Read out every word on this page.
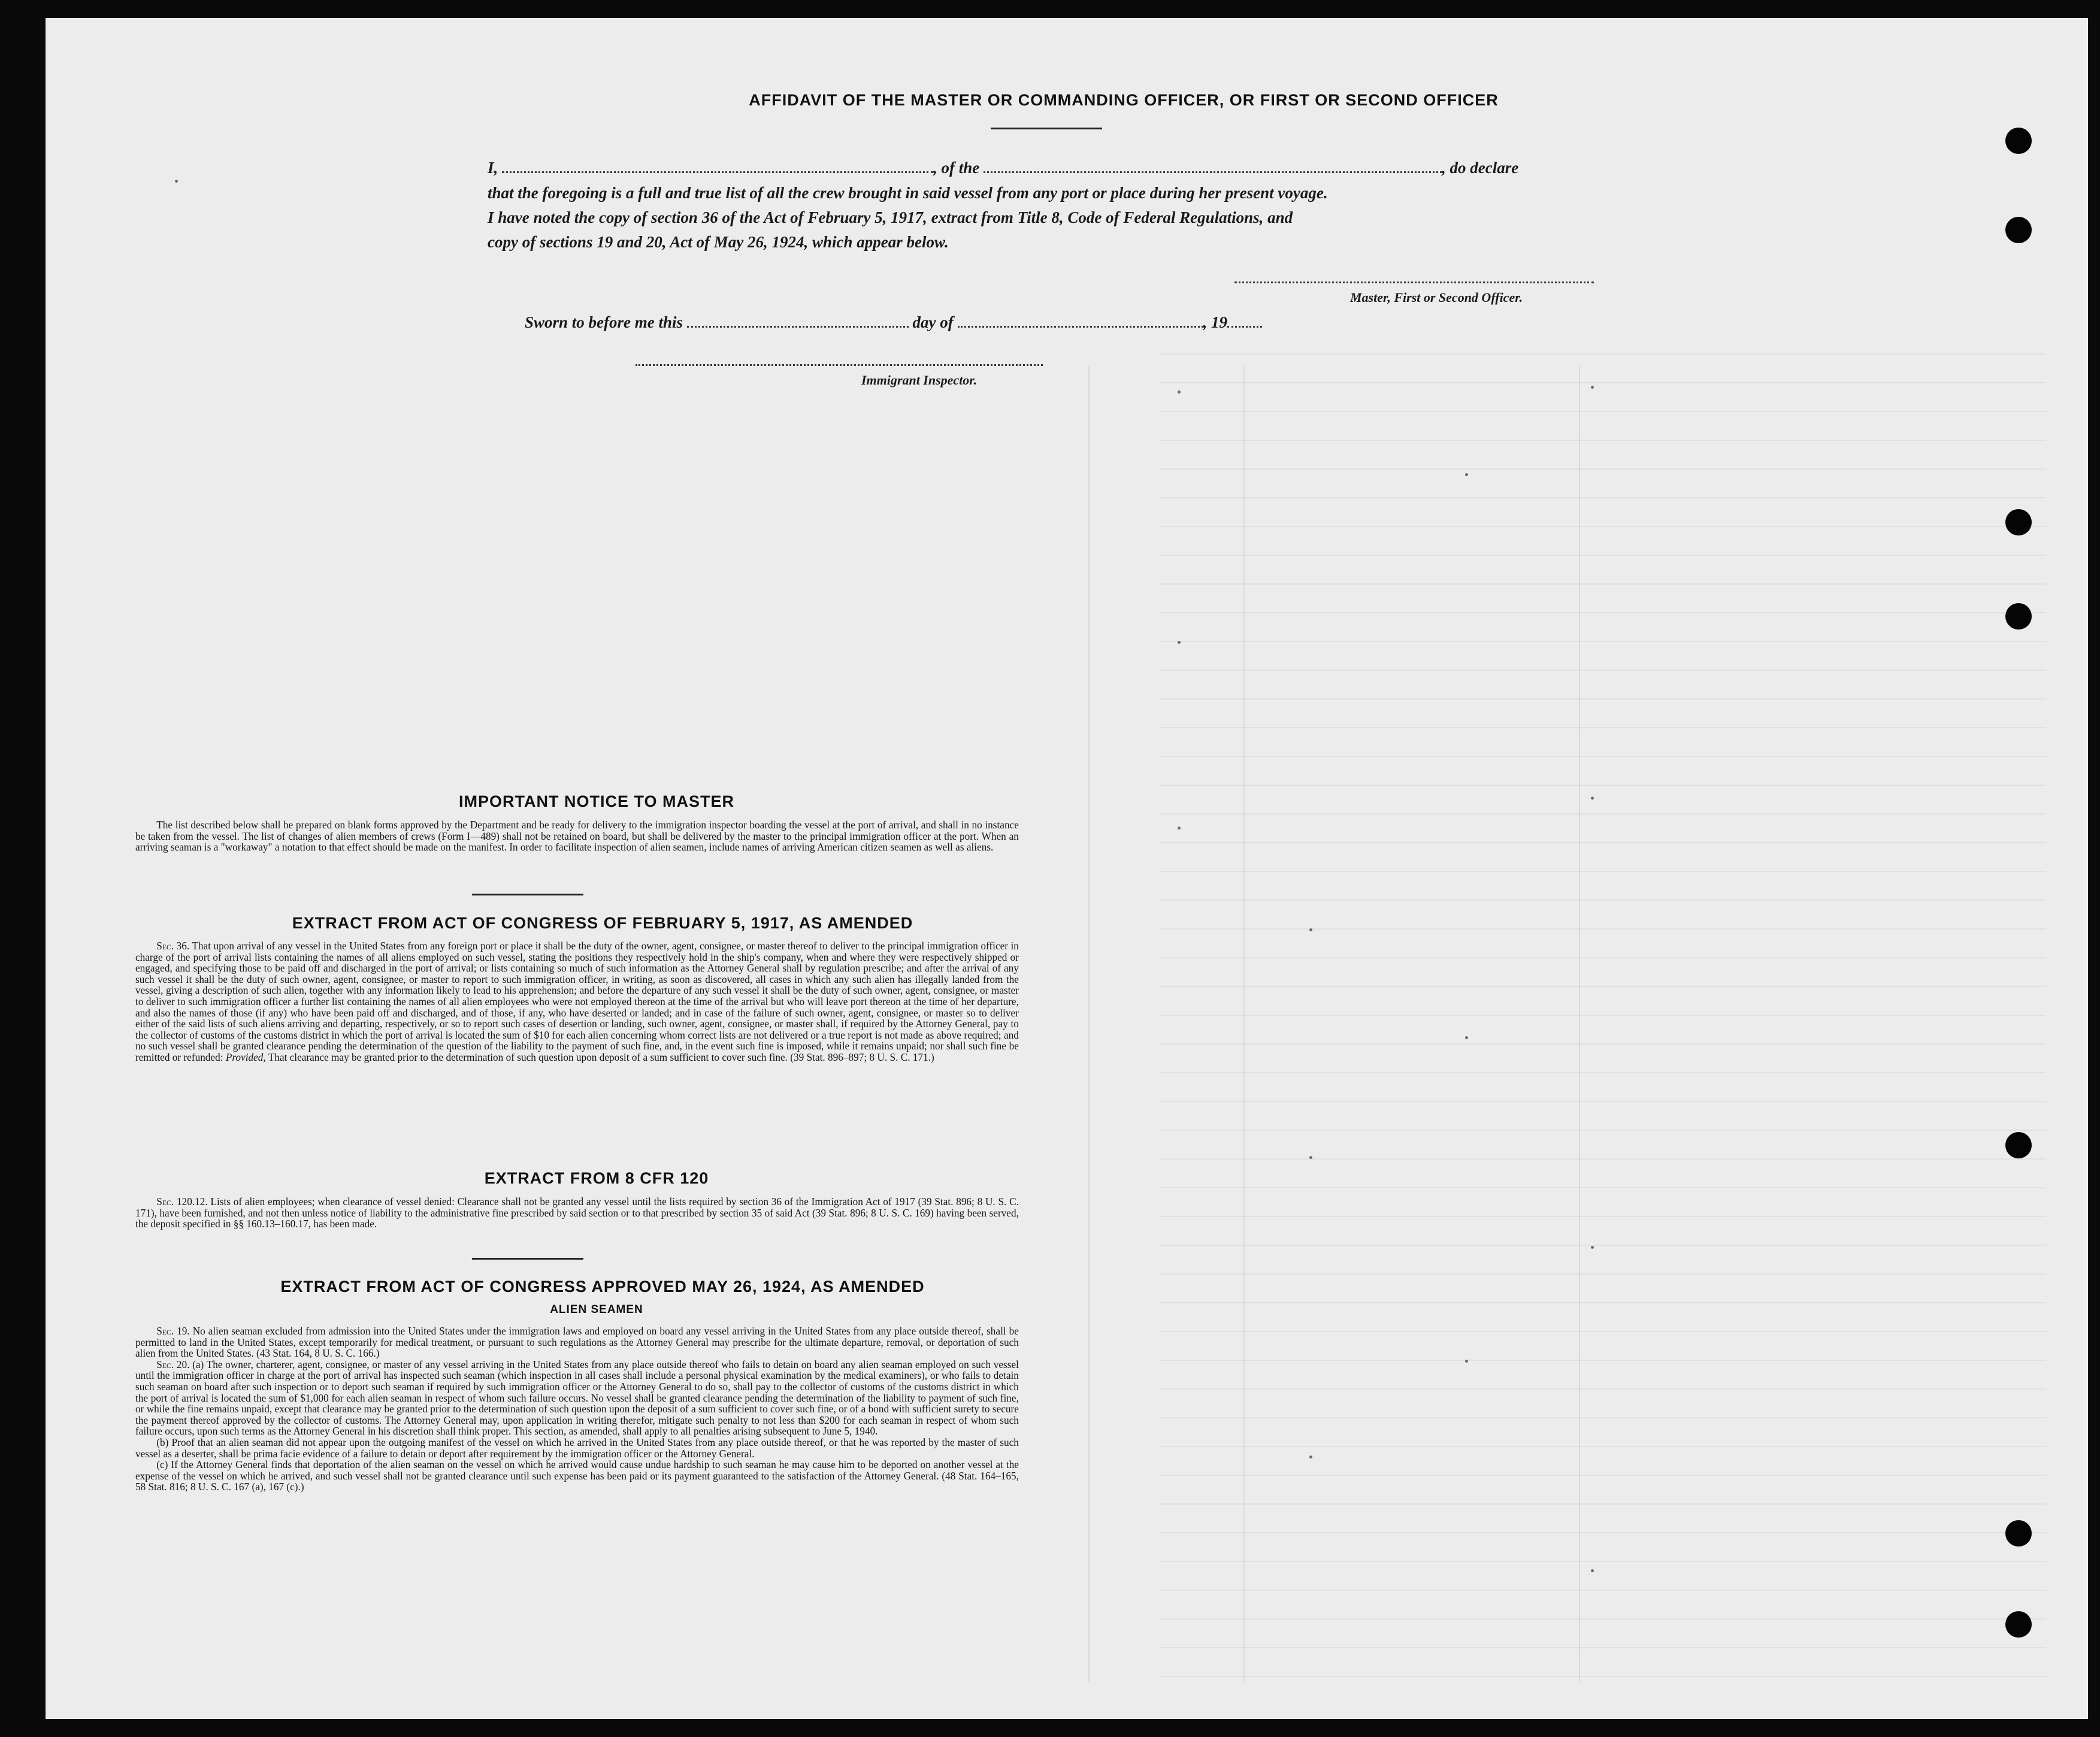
AFFIDAVIT OF THE MASTER OR COMMANDING OFFICER, OR FIRST OR SECOND OFFICER
I,	, of the	, do declare
that the foregoing is a full and true list of all the crew brought in said vessel from any port or place during her present voyage.
I have noted the copy of section 36 of the Act of February 5, 1917, extract from Title 8, Code of Federal Regulations, and
copy of sections 19 and 20, Act of May 26, 1924, which appear below.
Master, First or Second Officer.
Sworn to before me this	day of	, 19
Immigrant Inspector.
IMPORTANT NOTICE TO MASTER

The list described below shall be prepared on blank forms approved by the Department and be ready for delivery to the immigration inspector boarding the vessel at the port of arrival, and shall in no instance be taken from the vessel. The list of changes of alien members of crews (Form I—489) shall not be retained on board, but shall be delivered by the master to the principal immigration officer at the port. When an arriving seaman is a "workaway" a notation to that effect should be made on the manifest. In order to facilitate inspection of alien seamen, include names of arriving American citizen seamen as well as aliens.

EXTRACT FROM ACT OF CONGRESS OF FEBRUARY 5, 1917, AS AMENDED

Sec. 36. That upon arrival of any vessel in the United States from any foreign port or place it shall be the duty of the owner, agent, consignee, or master thereof to deliver to the principal immigration officer in charge of the port of arrival lists containing the names of all aliens employed on such vessel, stating the positions they respectively hold in the ship's company, when and where they were respectively shipped or engaged, and specifying those to be paid off and discharged in the port of arrival; or lists containing so much of such information as the Attorney General shall by regulation prescribe; and after the arrival of any such vessel it shall be the duty of such owner, agent, consignee, or master to report to such immigration officer, in writing, as soon as discovered, all cases in which any such alien has illegally landed from the vessel, giving a description of such alien, together with any information likely to lead to his apprehension; and before the departure of any such vessel it shall be the duty of such owner, agent, consignee, or master to deliver to such immigration officer a further list containing the names of all alien employees who were not employed thereon at the time of the arrival but who will leave port thereon at the time of her departure, and also the names of those (if any) who have been paid off and discharged, and of those, if any, who have deserted or landed; and in case of the failure of such owner, agent, consignee, or master so to deliver either of the said lists of such aliens arriving and departing, respectively, or so to report such cases of desertion or landing, such owner, agent, consignee, or master shall, if required by the Attorney General, pay to the collector of customs of the customs district in which the port of arrival is located the sum of $10 for each alien concerning whom correct lists are not delivered or a true report is not made as above required; and no such vessel shall be granted clearance pending the determination of the question of the liability to the payment of such fine, and, in the event such fine is imposed, while it remains unpaid; nor shall such fine be remitted or refunded: Provided, That clearance may be granted prior to the determination of such question upon deposit of a sum sufficient to cover such fine. (39 Stat. 896–897; 8 U. S. C. 171.)

EXTRACT FROM 8 CFR 120

Sec. 120.12. Lists of alien employees; when clearance of vessel denied: Clearance shall not be granted any vessel until the lists required by section 36 of the Immigration Act of 1917 (39 Stat. 896; 8 U. S. C. 171), have been furnished, and not then unless notice of liability to the administrative fine prescribed by said section or to that prescribed by section 35 of said Act (39 Stat. 896; 8 U. S. C. 169) having been served, the deposit specified in §§ 160.13–160.17, has been made.

EXTRACT FROM ACT OF CONGRESS APPROVED MAY 26, 1924, AS AMENDED
ALIEN SEAMEN

Sec. 19. No alien seaman excluded from admission into the United States under the immigration laws and employed on board any vessel arriving in the United States from any place outside thereof, shall be permitted to land in the United States, except temporarily for medical treatment, or pursuant to such regulations as the Attorney General may prescribe for the ultimate departure, removal, or deportation of such alien from the United States. (43 Stat. 164, 8 U. S. C. 166.)

Sec. 20. (a) The owner, charterer, agent, consignee, or master of any vessel arriving in the United States from any place outside thereof who fails to detain on board any alien seaman employed on such vessel until the immigration officer in charge at the port of arrival has inspected such seaman (which inspection in all cases shall include a personal physical examination by the medical examiners), or who fails to detain such seaman on board after such inspection or to deport such seaman if required by such immigration officer or the Attorney General to do so, shall pay to the collector of customs of the customs district in which the port of arrival is located the sum of $1,000 for each alien seaman in respect of whom such failure occurs. No vessel shall be granted clearance pending the determination of the liability to payment of such fine, or while the fine remains unpaid, except that clearance may be granted prior to the determination of such question upon the deposit of a sum sufficient to cover such fine, or of a bond with sufficient surety to secure the payment thereof approved by the collector of customs. The Attorney General may, upon application in writing therefor, mitigate such penalty to not less than $200 for each seaman in respect of whom such failure occurs, upon such terms as the Attorney General in his discretion shall think proper. This section, as amended, shall apply to all penalties arising subsequent to June 5, 1940.

(b) Proof that an alien seaman did not appear upon the outgoing manifest of the vessel on which he arrived in the United States from any place outside thereof, or that he was reported by the master of such vessel as a deserter, shall be prima facie evidence of a failure to detain or deport after requirement by the immigration officer or the Attorney General.

(c) If the Attorney General finds that deportation of the alien seaman on the vessel on which he arrived would cause undue hardship to such seaman he may cause him to be deported on another vessel at the expense of the vessel on which he arrived, and such vessel shall not be granted clearance until such expense has been paid or its payment guaranteed to the satisfaction of the Attorney General. (48 Stat. 164–165, 58 Stat. 816; 8 U. S. C. 167 (a), 167 (c).)
